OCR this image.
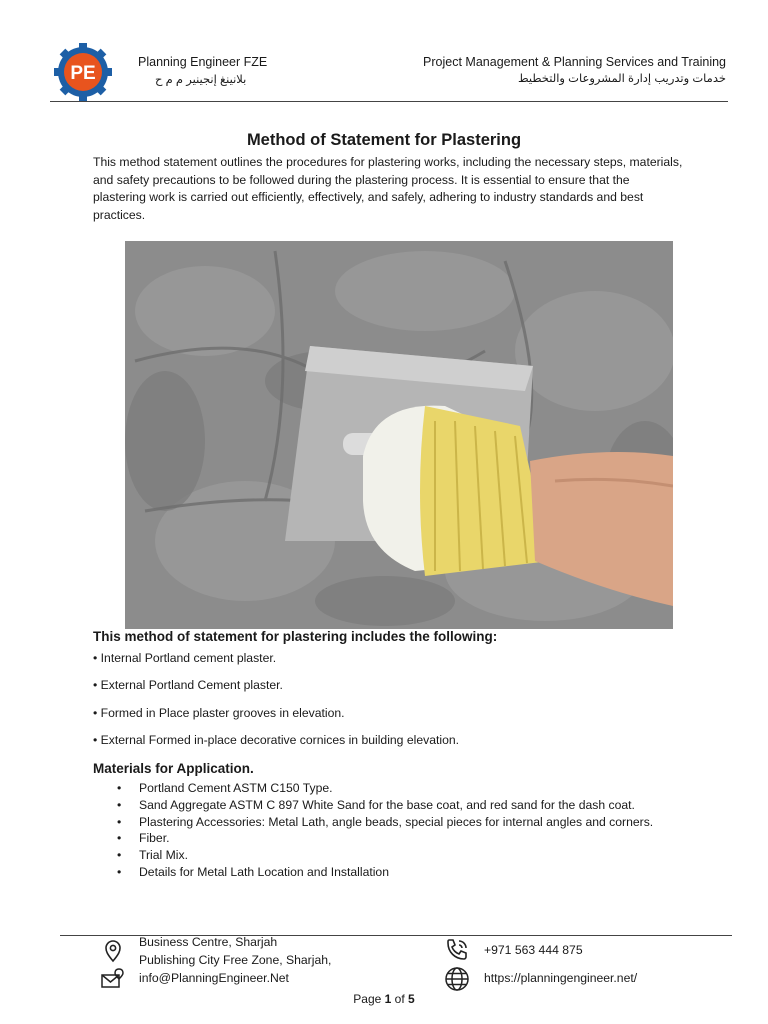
PE
Planning Engineer FZE
بلانينغ إنجينير م م ح
Project Management & Planning Services and Training
خدمات وتدريب إدارة المشروعات والتخطيط
Method of Statement for Plastering
This method statement outlines the procedures for plastering works, including the necessary steps, materials, and safety precautions to be followed during the plastering process. It is essential to ensure that the plastering work is carried out efficiently, effectively, and safely, adhering to industry standards and best practices.
This method of statement for plastering includes the following:
• Internal Portland cement plaster.
• External Portland Cement plaster.
• Formed in Place plaster grooves in elevation.
• External Formed in-place decorative cornices in building elevation.
Materials for Application.
• Portland Cement ASTM C150 Type.
• Sand Aggregate ASTM C 897 White Sand for the base coat, and red sand for the dash coat.
• Plastering Accessories: Metal Lath, angle beads, special pieces for internal angles and corners.
• Fiber.
• Trial Mix.
• Details for Metal Lath Location and Installation
Business Centre, Sharjah
Publishing City Free Zone, Sharjah,
info@PlanningEngineer.Net
+971 563 444 875
https://planningengineer.net/
Page 1 of 5
